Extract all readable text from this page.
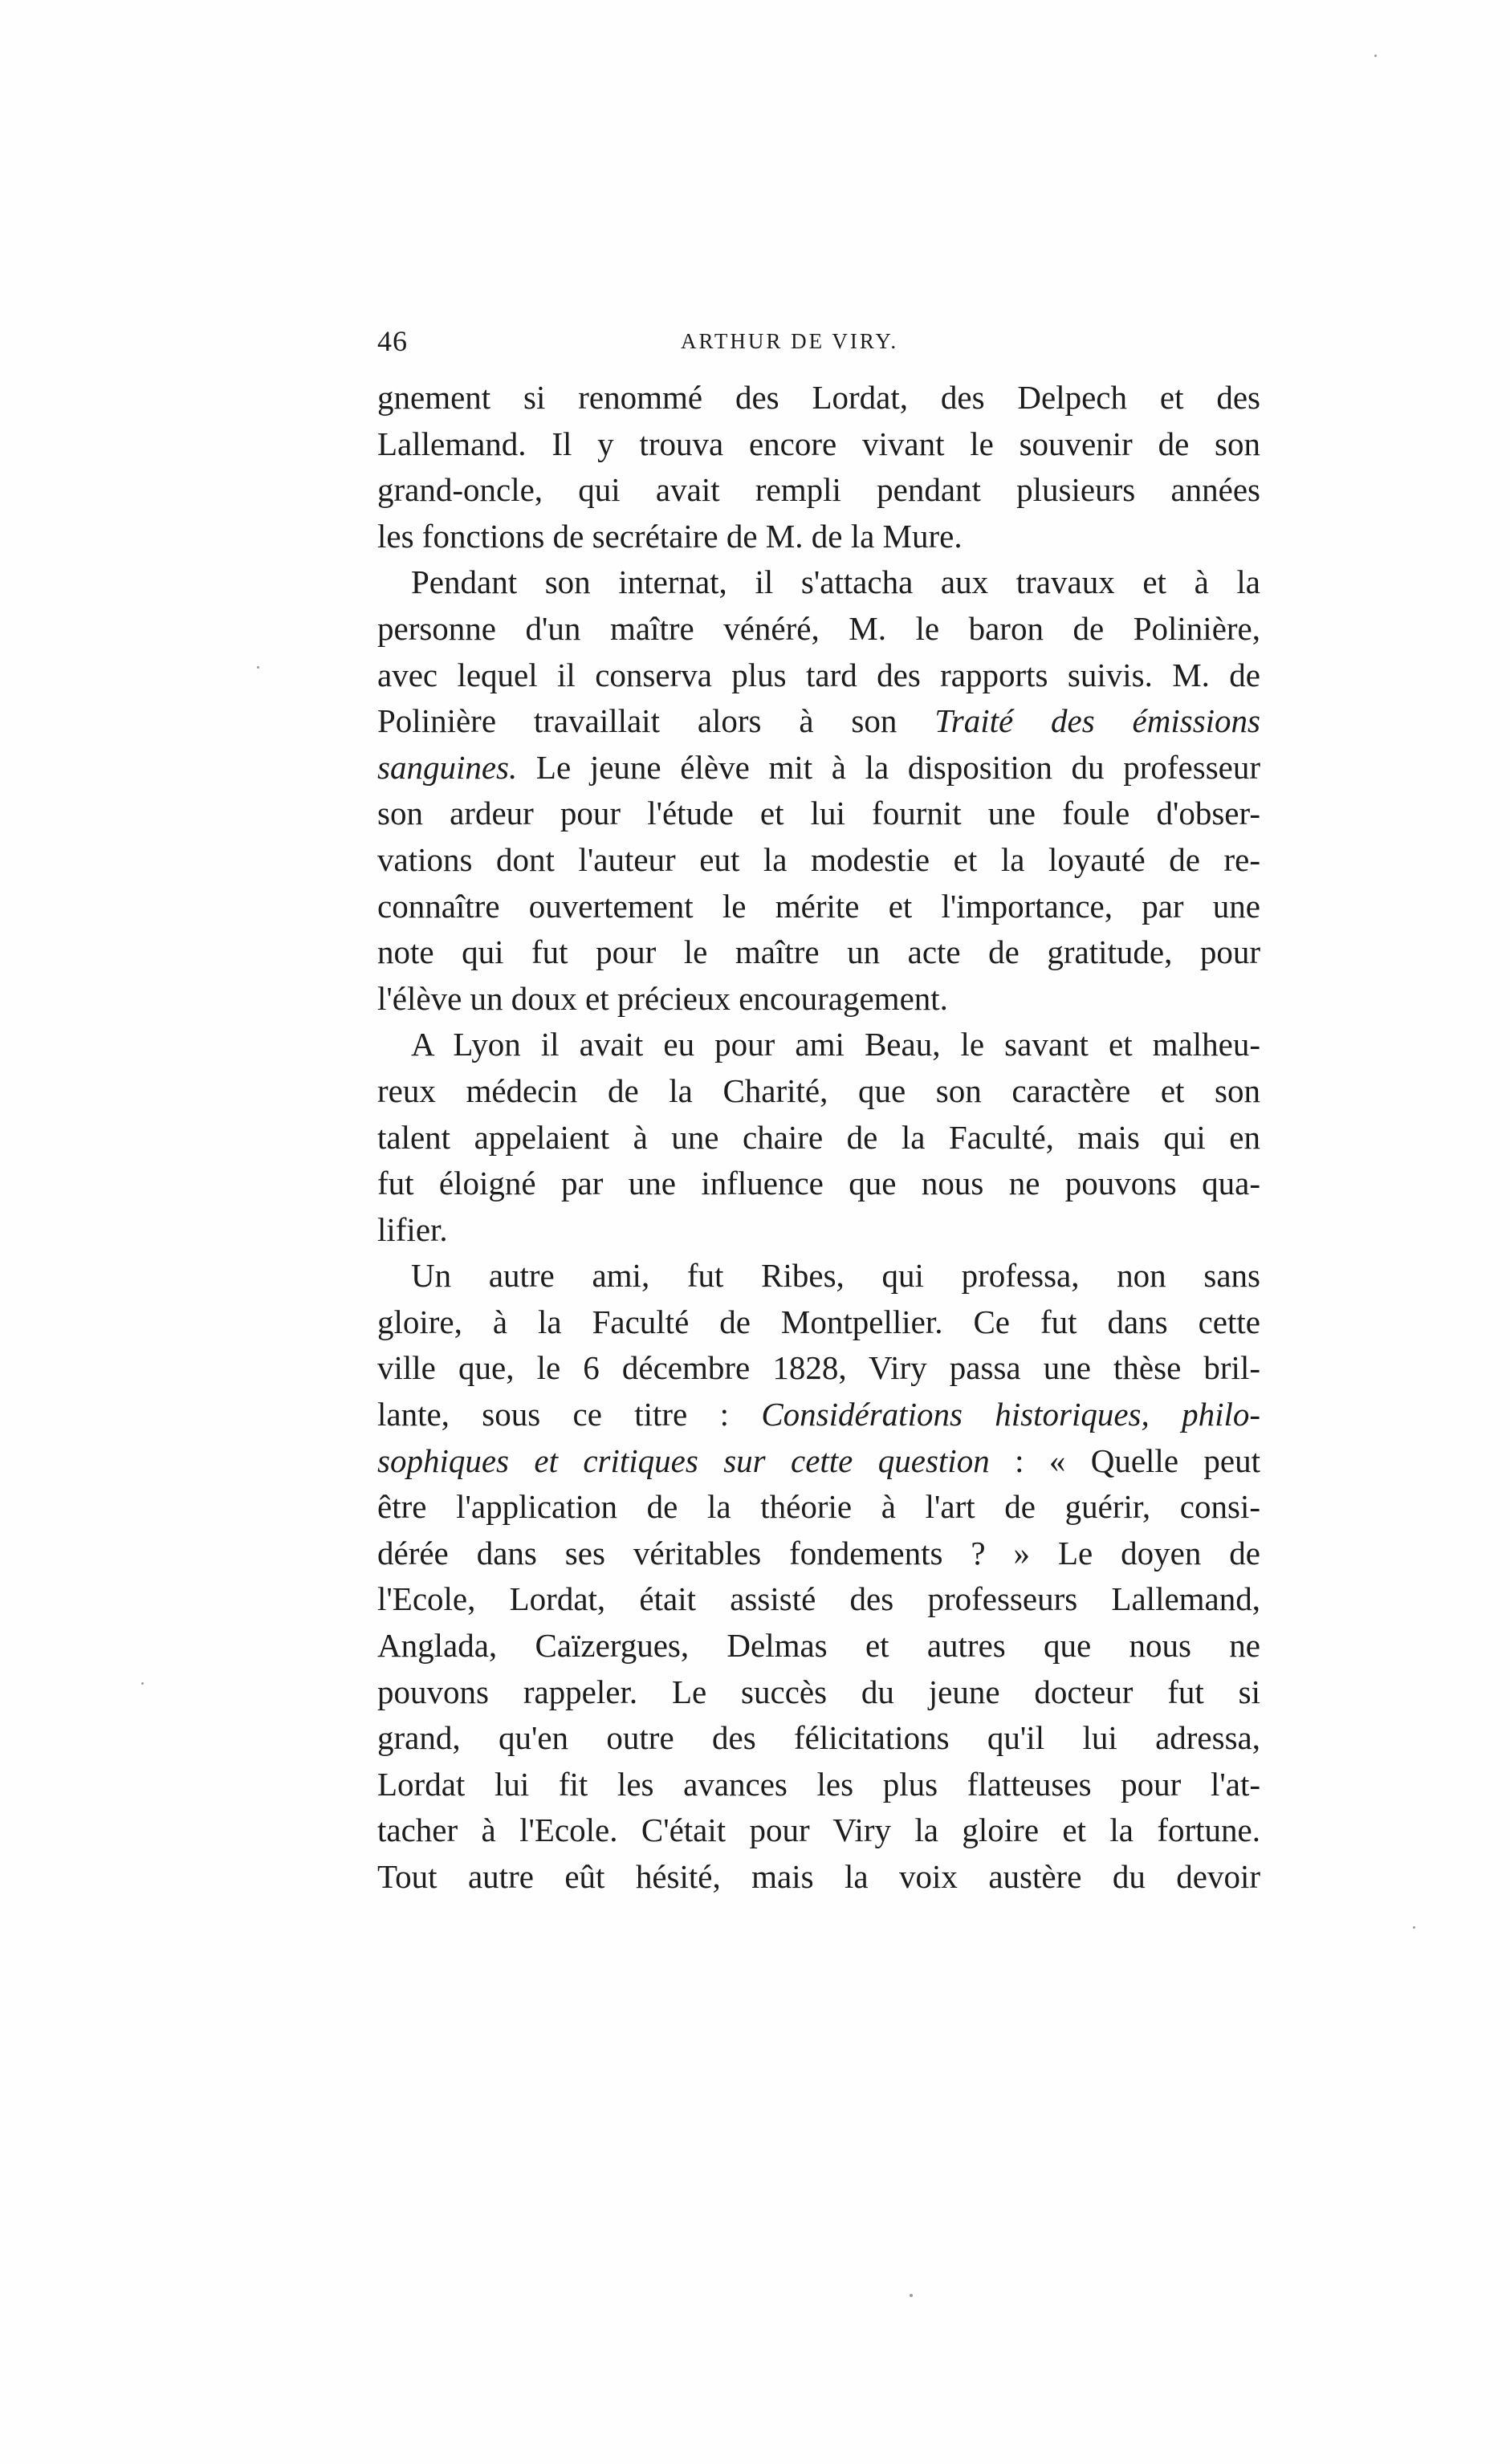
46	ARTHUR DE VIRY.
gnement si renommé des Lordat, des Delpech et des
Lallemand. Il y trouva encore vivant le souvenir de son
grand-oncle, qui avait rempli pendant plusieurs années
les fonctions de secrétaire de M. de la Mure.
Pendant son internat, il s'attacha aux travaux et à la
personne d'un maître vénéré, M. le baron de Polinière,
avec lequel il conserva plus tard des rapports suivis. M. de
Polinière travaillait alors à son Traité des émissions
sanguines. Le jeune élève mit à la disposition du professeur
son ardeur pour l'étude et lui fournit une foule d'obser-
vations dont l'auteur eut la modestie et la loyauté de re-
connaître ouvertement le mérite et l'importance, par une
note qui fut pour le maître un acte de gratitude, pour
l'élève un doux et précieux encouragement.
A Lyon il avait eu pour ami Beau, le savant et malheu-
reux médecin de la Charité, que son caractère et son
talent appelaient à une chaire de la Faculté, mais qui en
fut éloigné par une influence que nous ne pouvons qua-
lifier.
Un autre ami, fut Ribes, qui professa, non sans
gloire, à la Faculté de Montpellier. Ce fut dans cette
ville que, le 6 décembre 1828, Viry passa une thèse bril-
lante, sous ce titre : Considérations historiques, philo-
sophiques et critiques sur cette question : « Quelle peut
être l'application de la théorie à l'art de guérir, consi-
dérée dans ses véritables fondements ? » Le doyen de
l'Ecole, Lordat, était assisté des professeurs Lallemand,
Anglada, Caïzergues, Delmas et autres que nous ne
pouvons rappeler. Le succès du jeune docteur fut si
grand, qu'en outre des félicitations qu'il lui adressa,
Lordat lui fit les avances les plus flatteuses pour l'at-
tacher à l'Ecole. C'était pour Viry la gloire et la fortune.
Tout autre eût hésité, mais la voix austère du devoir
